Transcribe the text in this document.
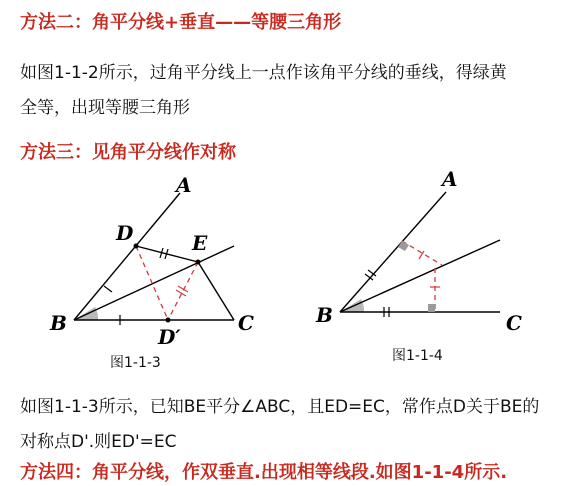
方法二：角平分线+垂直——等腰三角形
如图1-1-2所示，过角平分线上一点作该角平分线的垂线，得绿黄
全等，出现等腰三角形
方法三：见角平分线作对称
A
B	C
D	E
D′
图1-1-3
A
B	C
图1-1-4
如图1-1-3所示，已知BE平分∠ABC，且ED=EC，常作点D关于BE的
对称点D'.则ED'=EC
方法四：角平分线，作双垂直.出现相等线段.如图1-1-4所示.
